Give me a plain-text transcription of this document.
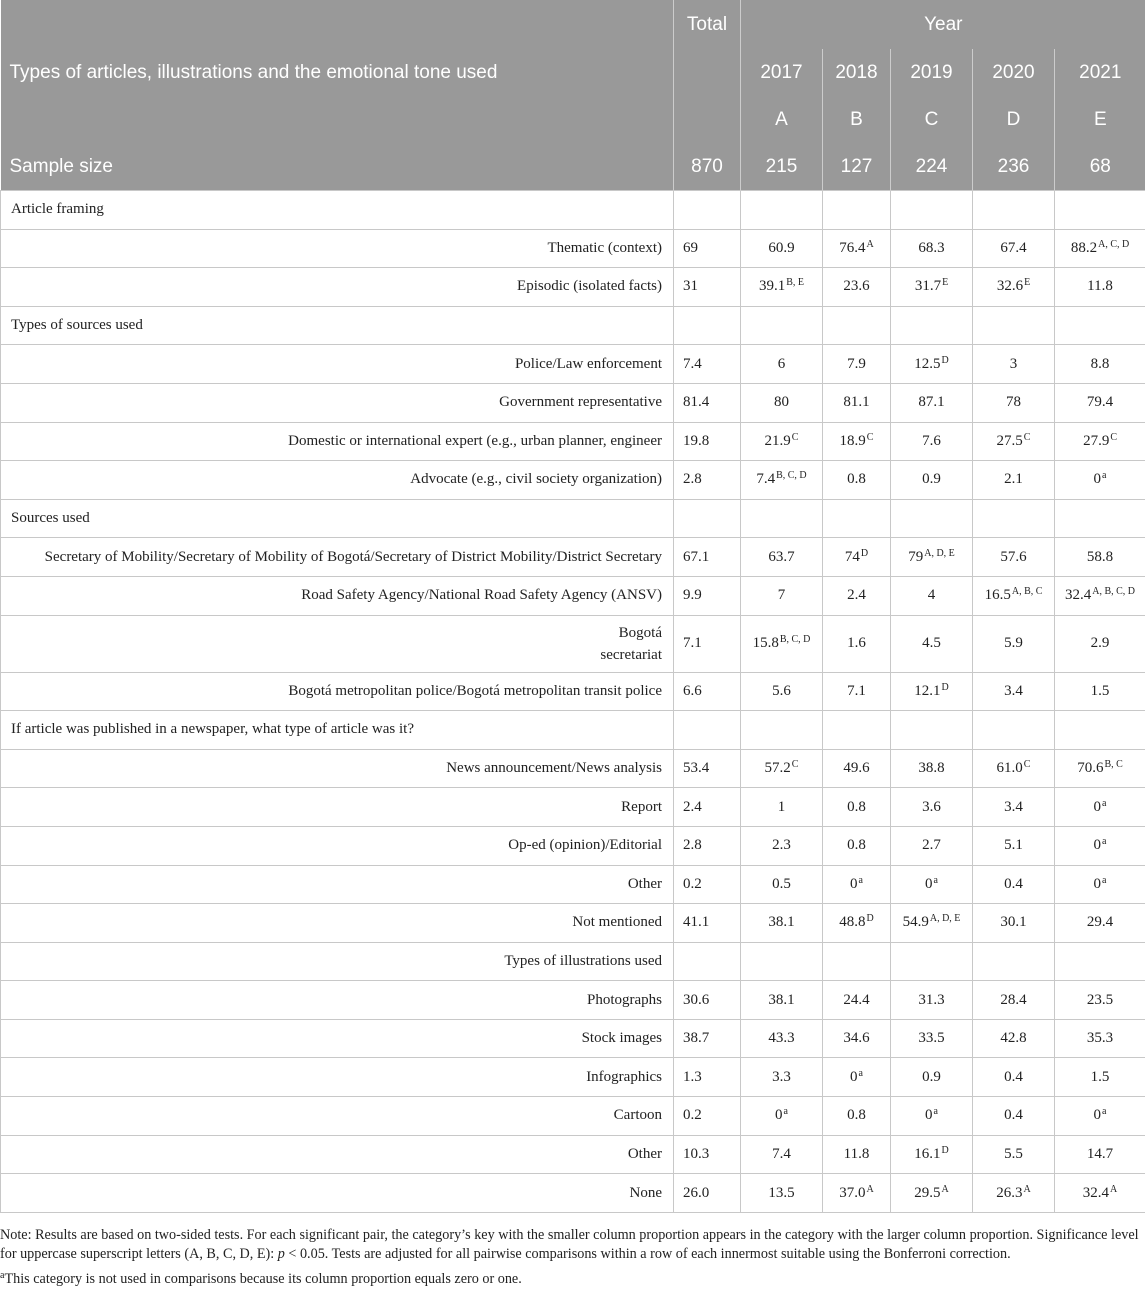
	Total	Year				
Types of articles, illustrations and the emotional tone used		2017	2018	2019	2020	2021
		A	B	C	D	E
Sample size	870	215	127	224	236	68
Article framing						
Thematic (context)	69	60.9	$76.4^A$	68.3	67.4	$88.2^{A, C, D}$
Episodic (isolated facts)	31	$39.1^{B, E}$	23.6	$31.7^E$	$32.6^E$	11.8
Types of sources used						
Police/Law enforcement	7.4	6	7.9	$12.5^D$	3	8.8
Government representative	81.4	80	81.1	87.1	78	79.4
Domestic or international expert (e.g., urban planner, engineer	19.8	$21.9^C$	$18.9^C$	7.6	$27.5^C$	$27.9^C$
Advocate (e.g., civil society organization)	2.8	$7.4^{B, C, D}$	0.8	0.9	2.1	0$^a$
Sources used						
Secretary of Mobility/Secretary of Mobility of Bogotá/Secretary of District Mobility/District Secretary	67.1	63.7	$74^D$	$79^{A, D, E}$	57.6	58.8
Road Safety Agency/National Road Safety Agency (ANSV)	9.9	7	2.4	4	$16.5^{A, B, C}$	$32.4^{A, B, C, D}$
Bogotá
secretariat	7.1	$15.8^{B, C, D}$	1.6	4.5	5.9	2.9
Bogotá metropolitan police/Bogotá metropolitan transit police	6.6	5.6	7.1	$12.1^D$	3.4	1.5
If article was published in a newspaper, what type of article was it?						
News announcement/News analysis	53.4	$57.2^C$	49.6	38.8	$61.0^C$	$70.6^{B, C}$
Report	2.4	1	0.8	3.6	3.4	0$^a$
Op-ed (opinion)/Editorial	2.8	2.3	0.8	2.7	5.1	0$^a$
Other	0.2	0.5	0$^a$	0$^a$	0.4	0$^a$
Not mentioned	41.1	38.1	$48.8^D$	$54.9^{A, D, E}$	30.1	29.4
Types of illustrations used						
Photographs	30.6	38.1	24.4	31.3	28.4	23.5
Stock images	38.7	43.3	34.6	33.5	42.8	35.3
Infographics	1.3	3.3	0$^a$	0.9	0.4	1.5
Cartoon	0.2	0$^a$	0.8	0$^a$	0.4	0$^a$
Other	10.3	7.4	11.8	$16.1^D$	5.5	14.7
None	26.0	13.5	$37.0^A$	$29.5^A$	$26.3^A$	$32.4^A$

Note: Results are based on two-sided tests. For each significant pair, the category’s key with the smaller column proportion appears in the category with the larger column proportion. Significance level for uppercase superscript letters (A, B, C, D, E): p < 0.05. Tests are adjusted for all pairwise comparisons within a row of each innermost suitable using the Bonferroni correction.

$^a$This category is not used in comparisons because its column proportion equals zero or one.
